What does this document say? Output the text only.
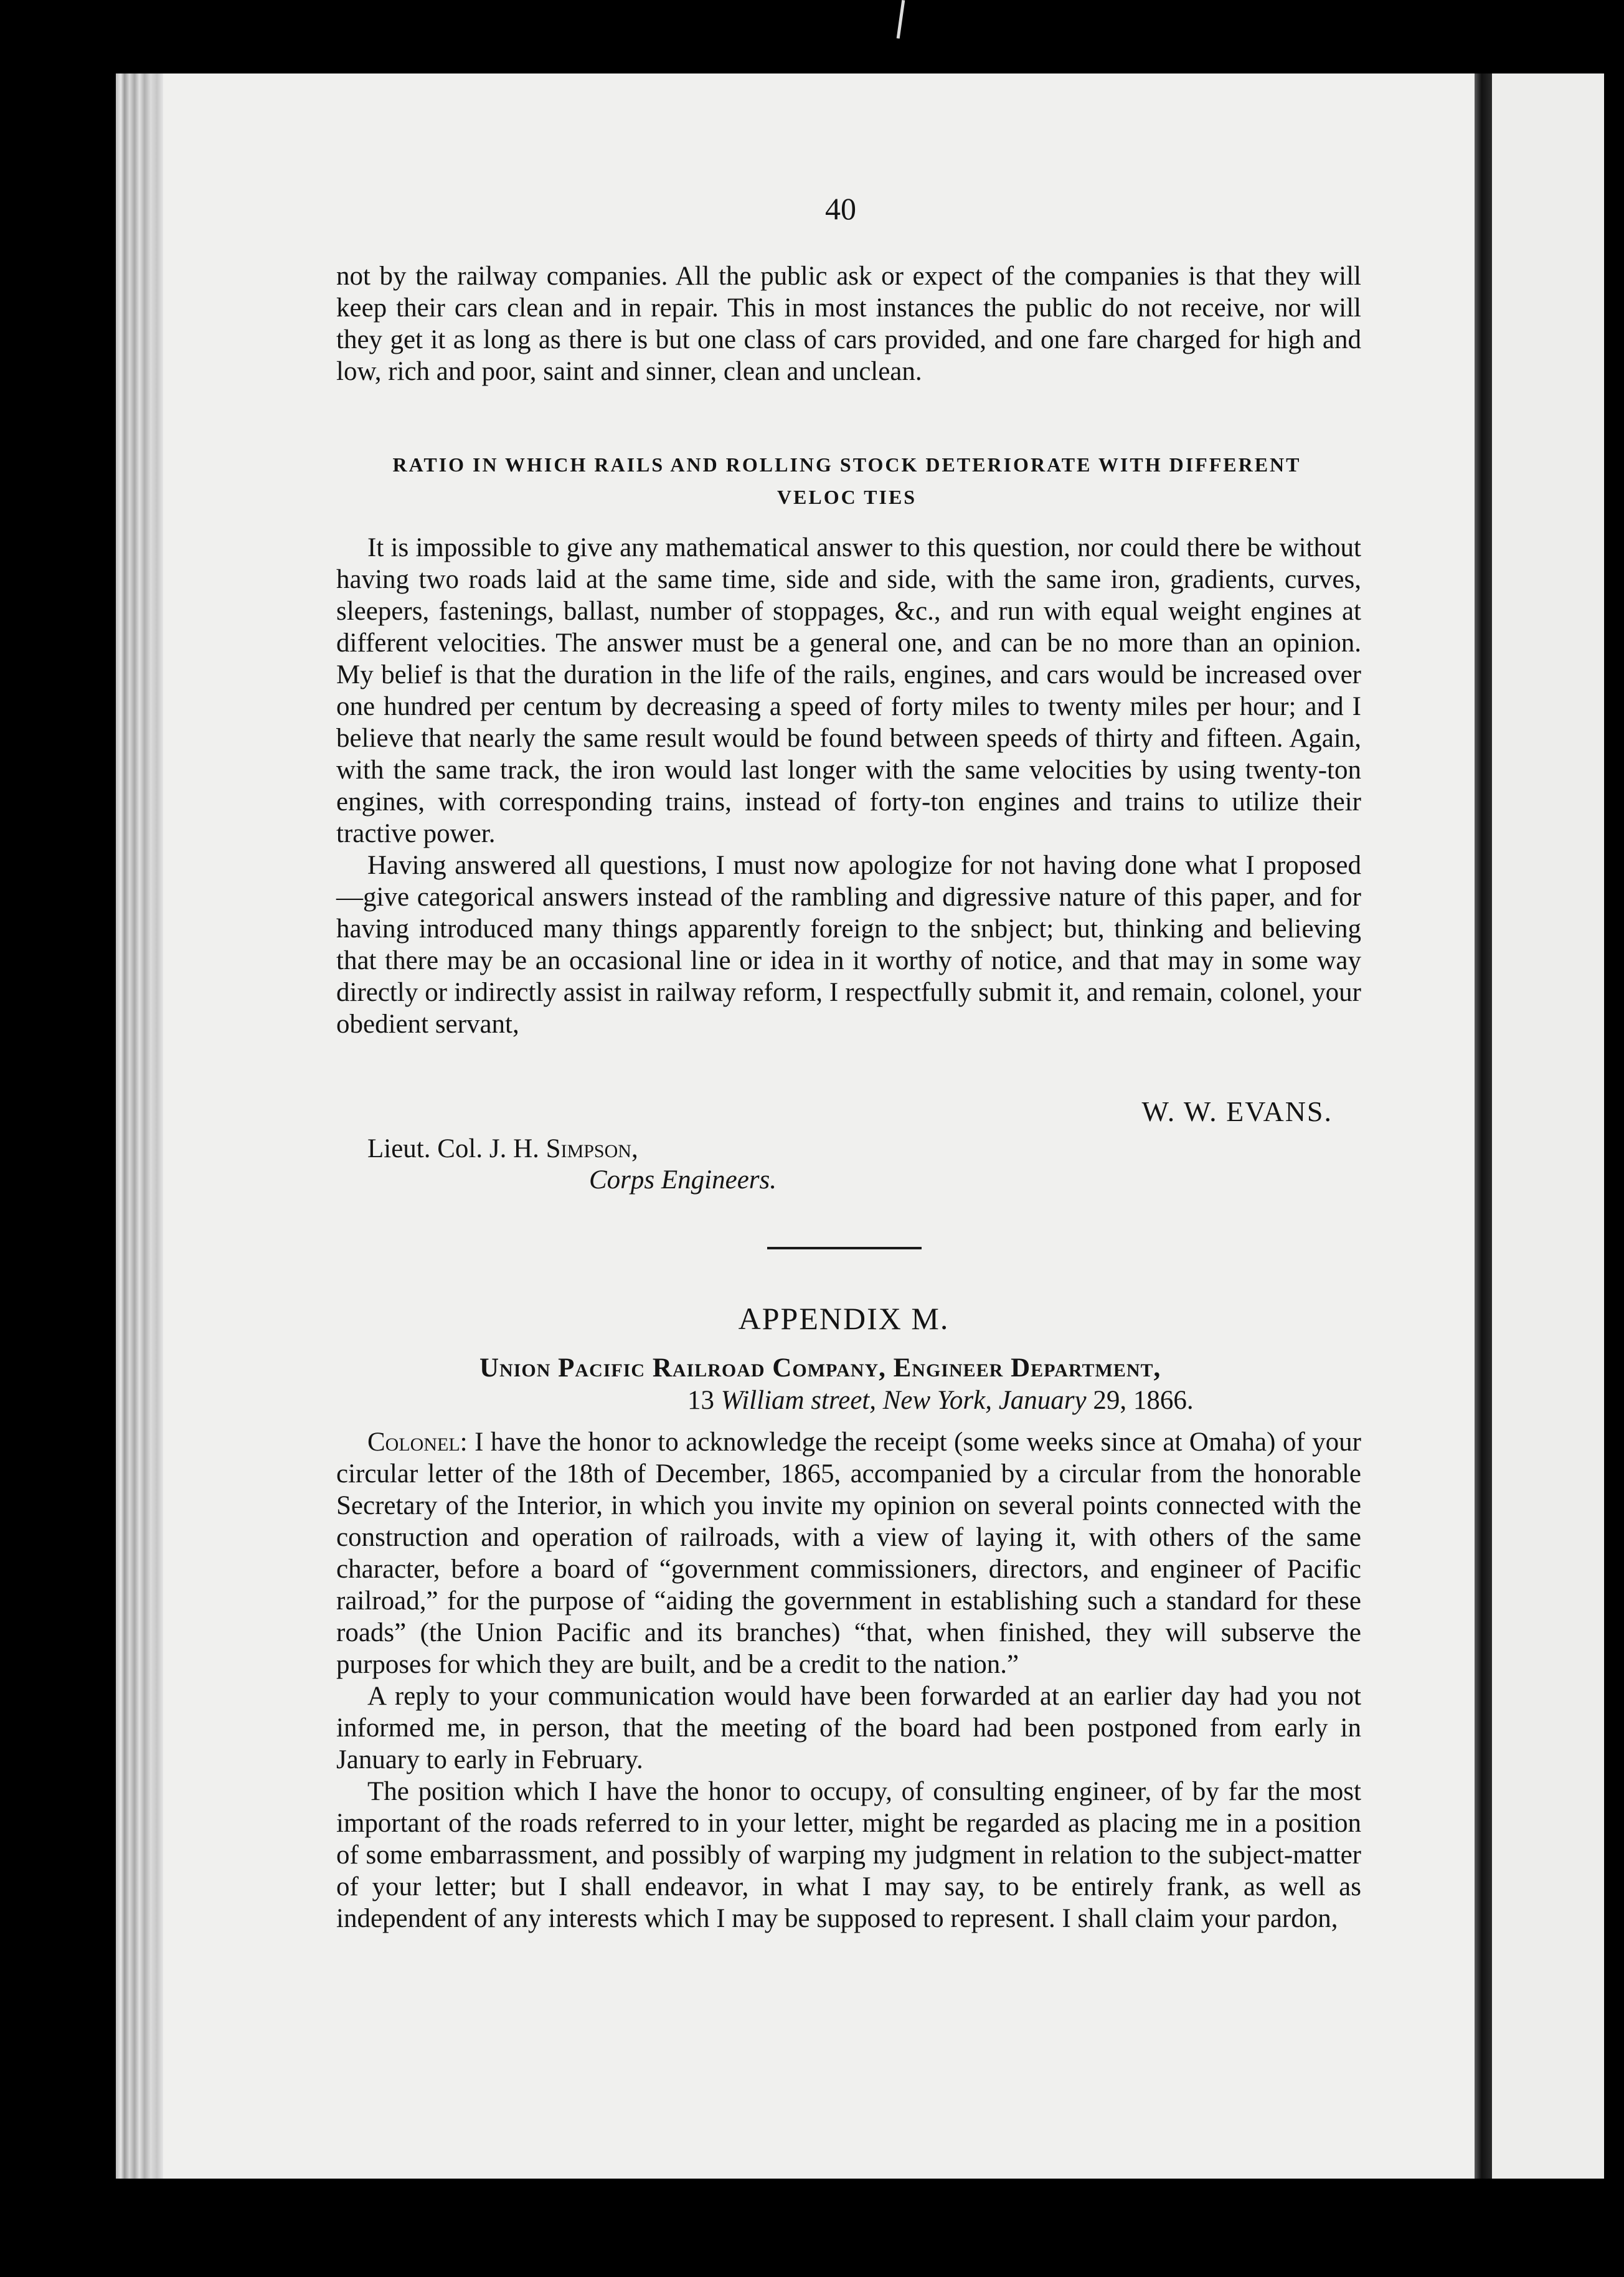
40

not by the railway companies. All the public ask or expect of the companies is that they will keep their cars clean and in repair. This in most instances the public do not receive, nor will they get it as long as there is but one class of cars provided, and one fare charged for high and low, rich and poor, saint and sinner, clean and unclean.

RATIO IN WHICH RAILS AND ROLLING STOCK DETERIORATE WITH DIFFERENT
VELOC TIES

It is impossible to give any mathematical answer to this question, nor could there be without having two roads laid at the same time, side and side, with the same iron, gradients, curves, sleepers, fastenings, ballast, number of stoppages, &c., and run with equal weight engines at different velocities. The answer must be a general one, and can be no more than an opinion. My belief is that the duration in the life of the rails, engines, and cars would be increased over one hundred per centum by decreasing a speed of forty miles to twenty miles per hour; and I believe that nearly the same result would be found between speeds of thirty and fifteen. Again, with the same track, the iron would last longer with the same velocities by using twenty-ton engines, with corresponding trains, instead of forty-ton engines and trains to utilize their tractive power.

Having answered all questions, I must now apologize for not having done what I proposed—give categorical answers instead of the rambling and digressive nature of this paper, and for having introduced many things apparently foreign to the snbject; but, thinking and believing that there may be an occasional line or idea in it worthy of notice, and that may in some way directly or indirectly assist in railway reform, I respectfully submit it, and remain, colonel, your obedient servant,

W. W. EVANS.
Lieut. Col. J. H. Simpson,
Corps Engineers.
APPENDIX M.
Union Pacific Railroad Company, Engineer Department,
13 William street, New York, January 29, 1866.

Colonel: I have the honor to acknowledge the receipt (some weeks since at Omaha) of your circular letter of the 18th of December, 1865, accompanied by a circular from the honorable Secretary of the Interior, in which you invite my opinion on several points connected with the construction and operation of railroads, with a view of laying it, with others of the same character, before a board of “government commissioners, directors, and engineer of Pacific railroad,” for the purpose of “aiding the government in establishing such a standard for these roads” (the Union Pacific and its branches) “that, when finished, they will subserve the purposes for which they are built, and be a credit to the nation.”

A reply to your communication would have been forwarded at an earlier day had you not informed me, in person, that the meeting of the board had been postponed from early in January to early in February.

The position which I have the honor to occupy, of consulting engineer, of by far the most important of the roads referred to in your letter, might be regarded as placing me in a position of some embarrassment, and possibly of warping my judgment in relation to the subject-matter of your letter; but I shall endeavor, in what I may say, to be entirely frank, as well as independent of any interests which I may be supposed to represent. I shall claim your pardon,
